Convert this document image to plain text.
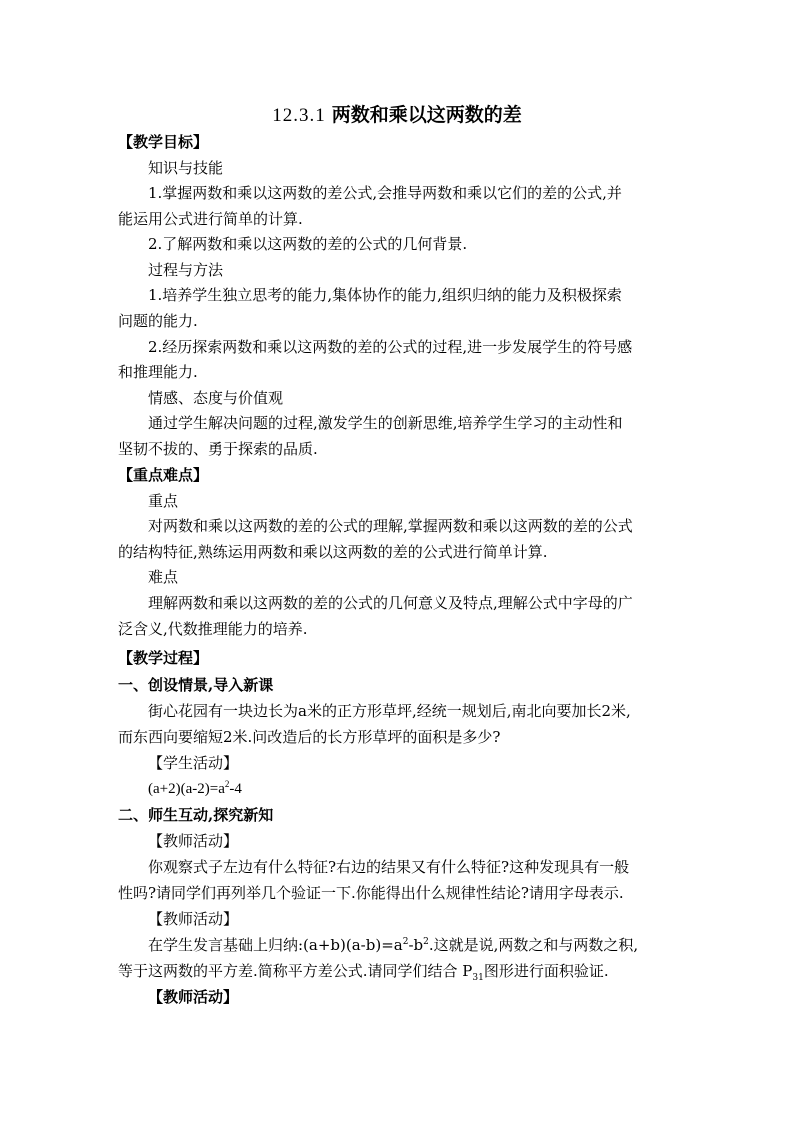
12.3.1 两数和乘以这两数的差
【教学目标】
知识与技能
1.掌握两数和乘以这两数的差公式,会推导两数和乘以它们的差的公式,并
能运用公式进行简单的计算.
2.了解两数和乘以这两数的差的公式的几何背景.
过程与方法
1.培养学生独立思考的能力,集体协作的能力,组织归纳的能力及积极探索
问题的能力.
2.经历探索两数和乘以这两数的差的公式的过程,进一步发展学生的符号感
和推理能力.
情感、态度与价值观
通过学生解决问题的过程,激发学生的创新思维,培养学生学习的主动性和
坚韧不拔的、勇于探索的品质.
【重点难点】
重点
对两数和乘以这两数的差的公式的理解,掌握两数和乘以这两数的差的公式
的结构特征,熟练运用两数和乘以这两数的差的公式进行简单计算.
难点
理解两数和乘以这两数的差的公式的几何意义及特点,理解公式中字母的广
泛含义,代数推理能力的培养.
【教学过程】
一、创设情景,导入新课
街心花园有一块边长为a米的正方形草坪,经统一规划后,南北向要加长2米,
而东西向要缩短2米.问改造后的长方形草坪的面积是多少?
【学生活动】
$(a+2)(a-2)=a^2-4$
二、师生互动,探究新知
【教师活动】
你观察式子左边有什么特征?右边的结果又有什么特征?这种发现具有一般
性吗?请同学们再列举几个验证一下.你能得出什么规律性结论?请用字母表示.
【教师活动】
在学生发言基础上归纳$:(a+b)(a-b)=a^2-b^2$.这就是说,两数之和与两数之积,
等于这两数的平方差.简称平方差公式.请同学们结合 $P_{31}$图形进行面积验证.
【教师活动】
